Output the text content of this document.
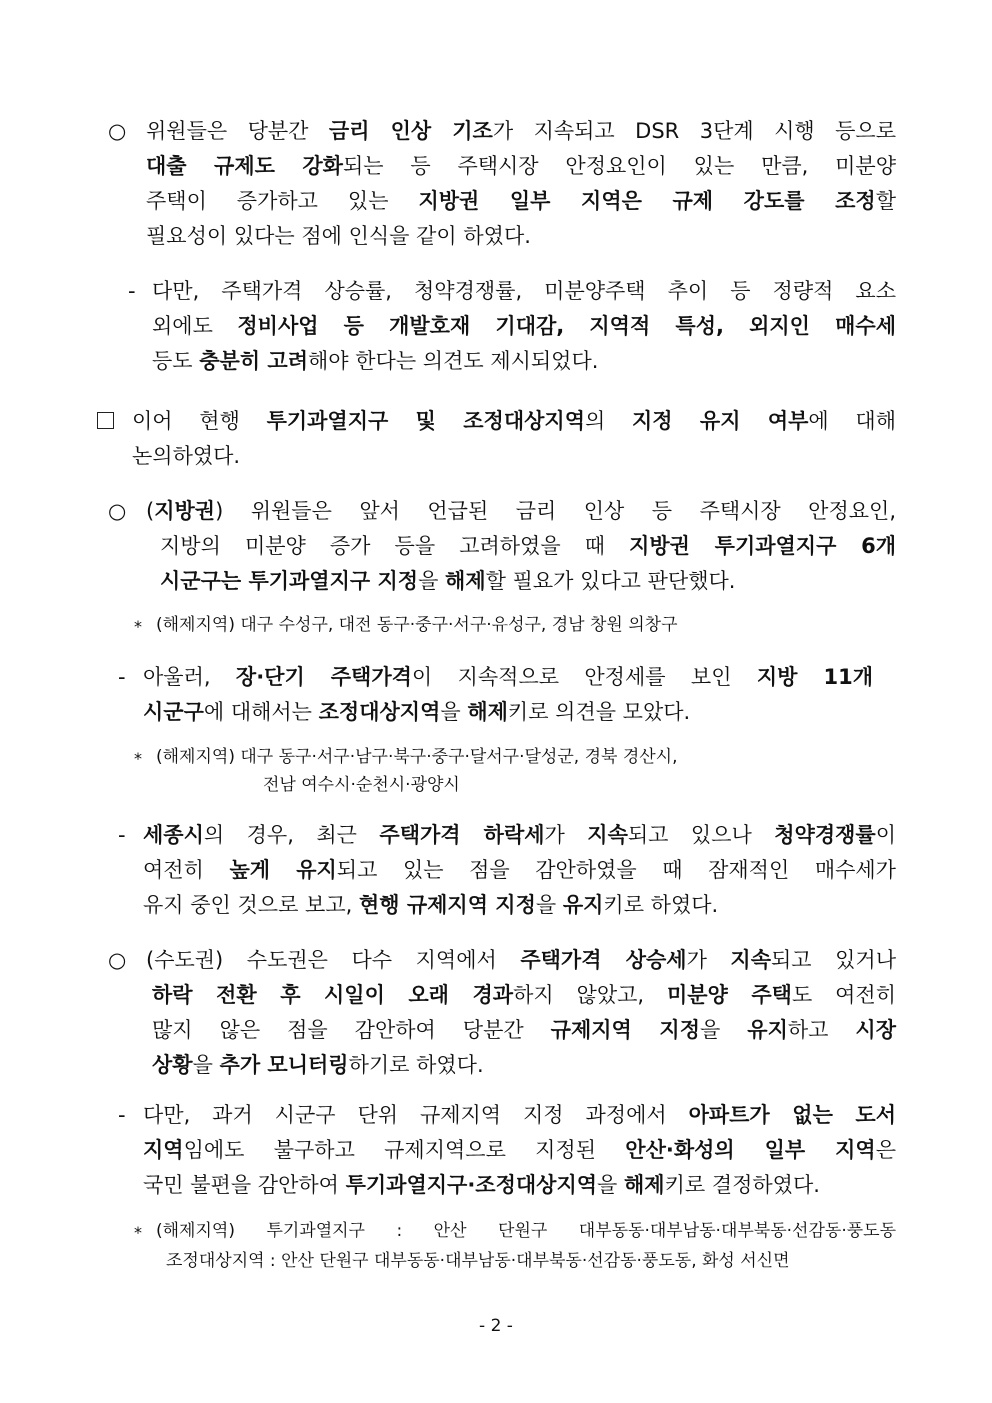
○ 위원들은 당분간 금리 인상 기조가 지속되고 DSR 3단계 시행 등으로
대출 규제도 강화되는 등 주택시장 안정요인이 있는 만큼, 미분양
주택이 증가하고 있는 지방권 일부 지역은 규제 강도를 조정할
필요성이 있다는 점에 인식을 같이 하였다.
- 다만, 주택가격 상승률, 청약경쟁률, 미분양주택 추이 등 정량적 요소
외에도 정비사업 등 개발호재 기대감, 지역적 특성, 외지인 매수세
등도 충분히 고려해야 한다는 의견도 제시되었다.
이어 현행 투기과열지구 및 조정대상지역의 지정 유지 여부에 대해
논의하였다.
○ (지방권) 위원들은 앞서 언급된 금리 인상 등 주택시장 안정요인,
지방의 미분양 증가 등을 고려하였을 때 지방권 투기과열지구 6개
시군구는 투기과열지구 지정을 해제할 필요가 있다고 판단했다.
* (해제지역) 대구 수성구, 대전 동구·중구·서구·유성구, 경남 창원 의창구
- 아울러, 장·단기 주택가격이 지속적으로 안정세를 보인 지방 11개
시군구에 대해서는 조정대상지역을 해제키로 의견을 모았다.
* (해제지역) 대구 동구·서구·남구·북구·중구·달서구·달성군, 경북 경산시,
전남 여수시·순천시·광양시
- 세종시의 경우, 최근 주택가격 하락세가 지속되고 있으나 청약경쟁률이
여전히 높게 유지되고 있는 점을 감안하였을 때 잠재적인 매수세가
유지 중인 것으로 보고, 현행 규제지역 지정을 유지키로 하였다.
○ (수도권) 수도권은 다수 지역에서 주택가격 상승세가 지속되고 있거나
하락 전환 후 시일이 오래 경과하지 않았고, 미분양 주택도 여전히
많지 않은 점을 감안하여 당분간 규제지역 지정을 유지하고 시장
상황을 추가 모니터링하기로 하였다.
- 다만, 과거 시군구 단위 규제지역 지정 과정에서 아파트가 없는 도서
지역임에도 불구하고 규제지역으로 지정된 안산·화성의 일부 지역은
국민 불편을 감안하여 투기과열지구·조정대상지역을 해제키로 결정하였다.
* (해제지역) 투기과열지구 : 안산 단원구 대부동동·대부남동·대부북동·선감동·풍도동
조정대상지역 : 안산 단원구 대부동동·대부남동·대부북동·선감동·풍도동, 화성 서신면
- 2 -
